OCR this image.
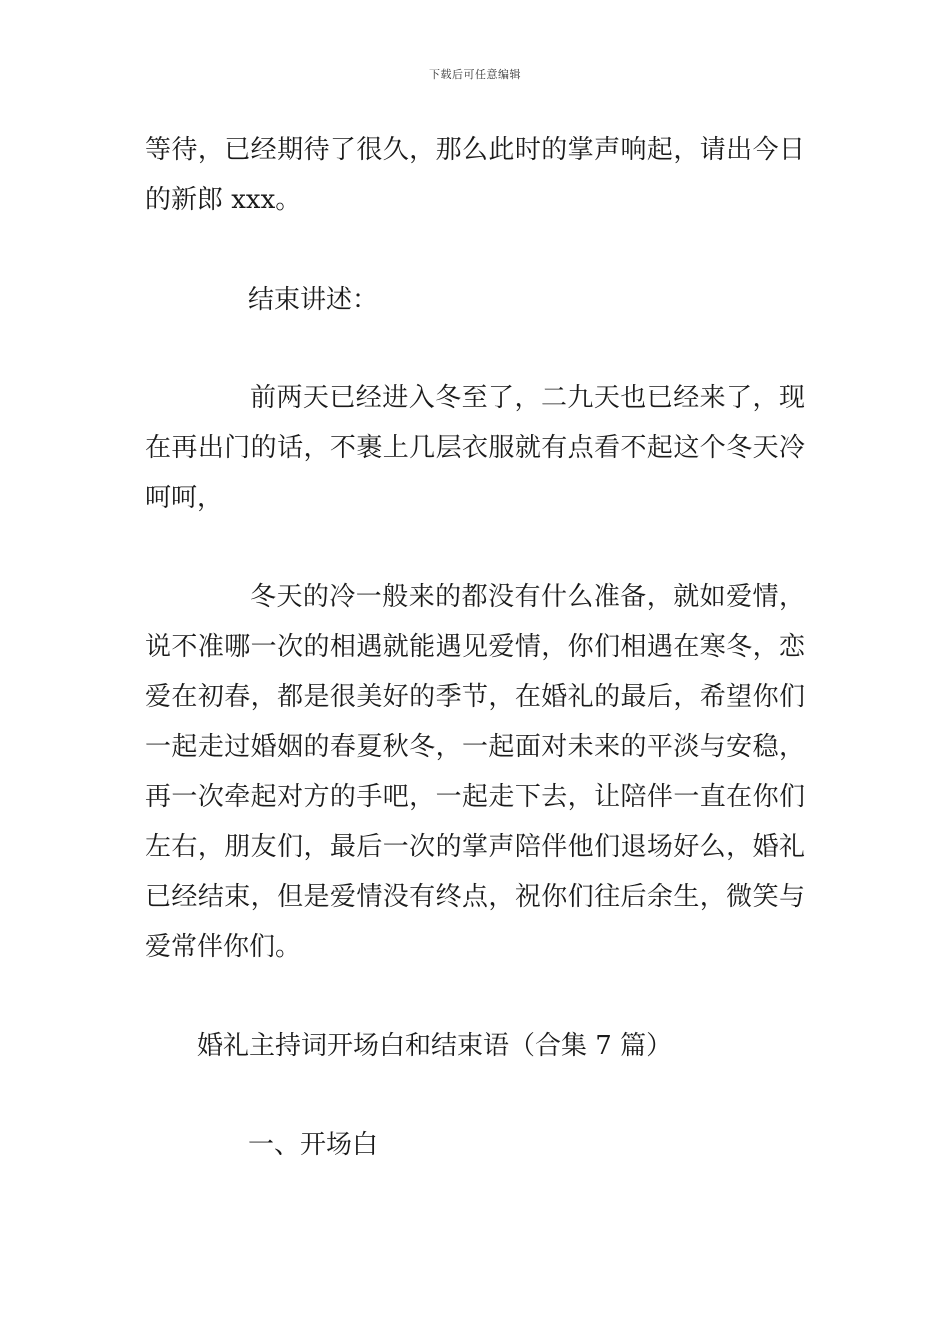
下载后可任意编辑
等待，已经期待了很久，那么此时的掌声响起，请出今日
的新郎 xxx。
结束讲述：
前两天已经进入冬至了，二九天也已经来了，现
在再出门的话，不裹上几层衣服就有点看不起这个冬天冷
呵呵，
冬天的冷一般来的都没有什么准备，就如爱情，
说不准哪一次的相遇就能遇见爱情，你们相遇在寒冬，恋
爱在初春，都是很美好的季节，在婚礼的最后，希望你们
一起走过婚姻的春夏秋冬，一起面对未来的平淡与安稳，
再一次牵起对方的手吧，一起走下去，让陪伴一直在你们
左右，朋友们，最后一次的掌声陪伴他们退场好么，婚礼
已经结束，但是爱情没有终点，祝你们往后余生，微笑与
爱常伴你们。
婚礼主持词开场白和结束语（合集 7 篇）
一、开场白
